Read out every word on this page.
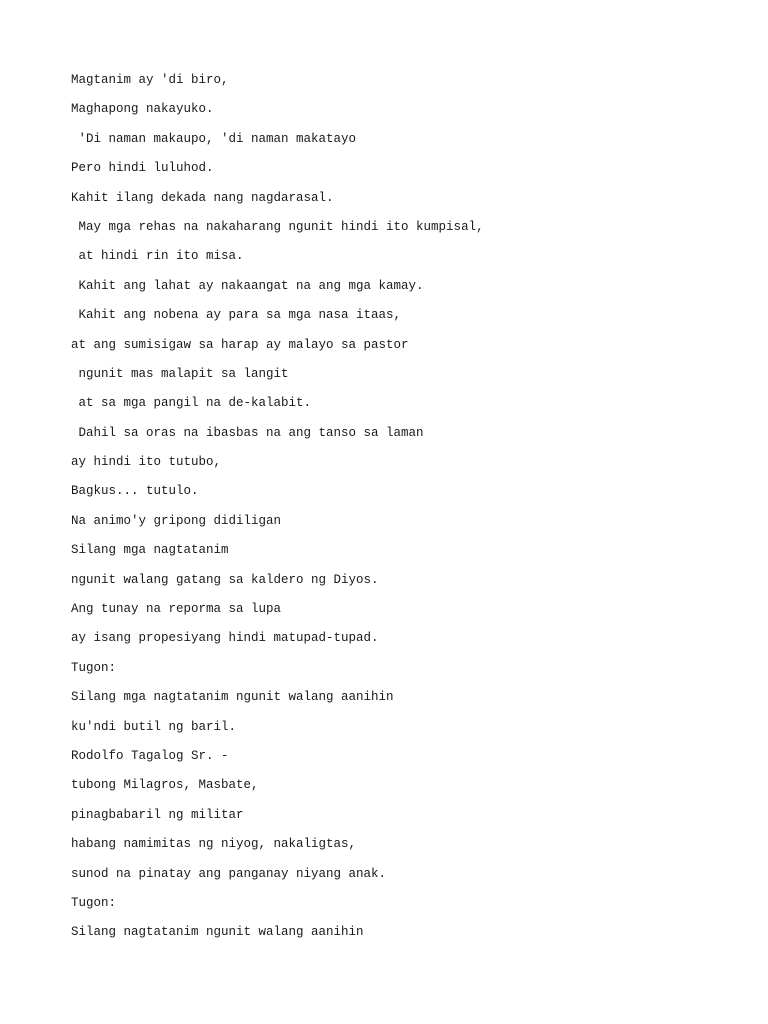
Magtanim ay 'di biro,

Maghapong nakayuko.

'Di naman makaupo, 'di naman makatayo

Pero hindi luluhod.

Kahit ilang dekada nang nagdarasal.

May mga rehas na nakaharang ngunit hindi ito kumpisal,

at hindi rin ito misa.

Kahit ang lahat ay nakaangat na ang mga kamay.

Kahit ang nobena ay para sa mga nasa itaas,

at ang sumisigaw sa harap ay malayo sa pastor

ngunit mas malapit sa langit

at sa mga pangil na de-kalabit.

Dahil sa oras na ibasbas na ang tanso sa laman

ay hindi ito tutubo,

Bagkus... tutulo.

Na animo'y gripong didiligan

Silang mga nagtatanim

ngunit walang gatang sa kaldero ng Diyos.

Ang tunay na reporma sa lupa

ay isang propesiyang hindi matupad-tupad.

Tugon:

Silang mga nagtatanim ngunit walang aanihin

ku'ndi butil ng baril.

Rodolfo Tagalog Sr. -

tubong Milagros, Masbate,

pinagbabaril ng militar

habang namimitas ng niyog, nakaligtas,

sunod na pinatay ang panganay niyang anak.

Tugon:

Silang nagtatanim ngunit walang aanihin
